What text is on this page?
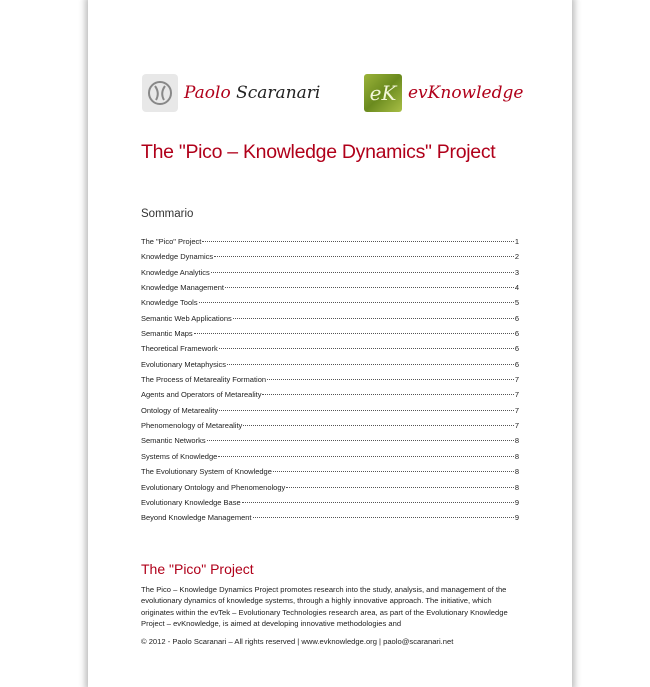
Paolo Scaranari eK evKnowledge
The "Pico – Knowledge Dynamics" Project
Sommario
The "Pico" Project	1
Knowledge Dynamics	2
Knowledge Analytics	3
Knowledge Management	4
Knowledge Tools	5
Semantic Web Applications	6
Semantic Maps	6
Theoretical Framework	6
Evolutionary Metaphysics	6
The Process of Metareality Formation	7
Agents and Operators of Metareality	7
Ontology of Metareality	7
Phenomenology of Metareality	7
Semantic Networks	8
Systems of Knowledge	8
The Evolutionary System of Knowledge	8
Evolutionary Ontology and Phenomenology	8
Evolutionary Knowledge Base	9
Beyond Knowledge Management	9
The "Pico" Project
The Pico – Knowledge Dynamics Project promotes research into the study, analysis, and management of the evolutionary dynamics of knowledge systems, through a highly innovative approach. The initiative, which originates within the evTek – Evolutionary Technologies research area, as part of the Evolutionary Knowledge Project – evKnowledge, is aimed at developing innovative methodologies and
© 2012 - Paolo Scaranari – All rights reserved | www.evknowledge.org | paolo@scaranari.net
